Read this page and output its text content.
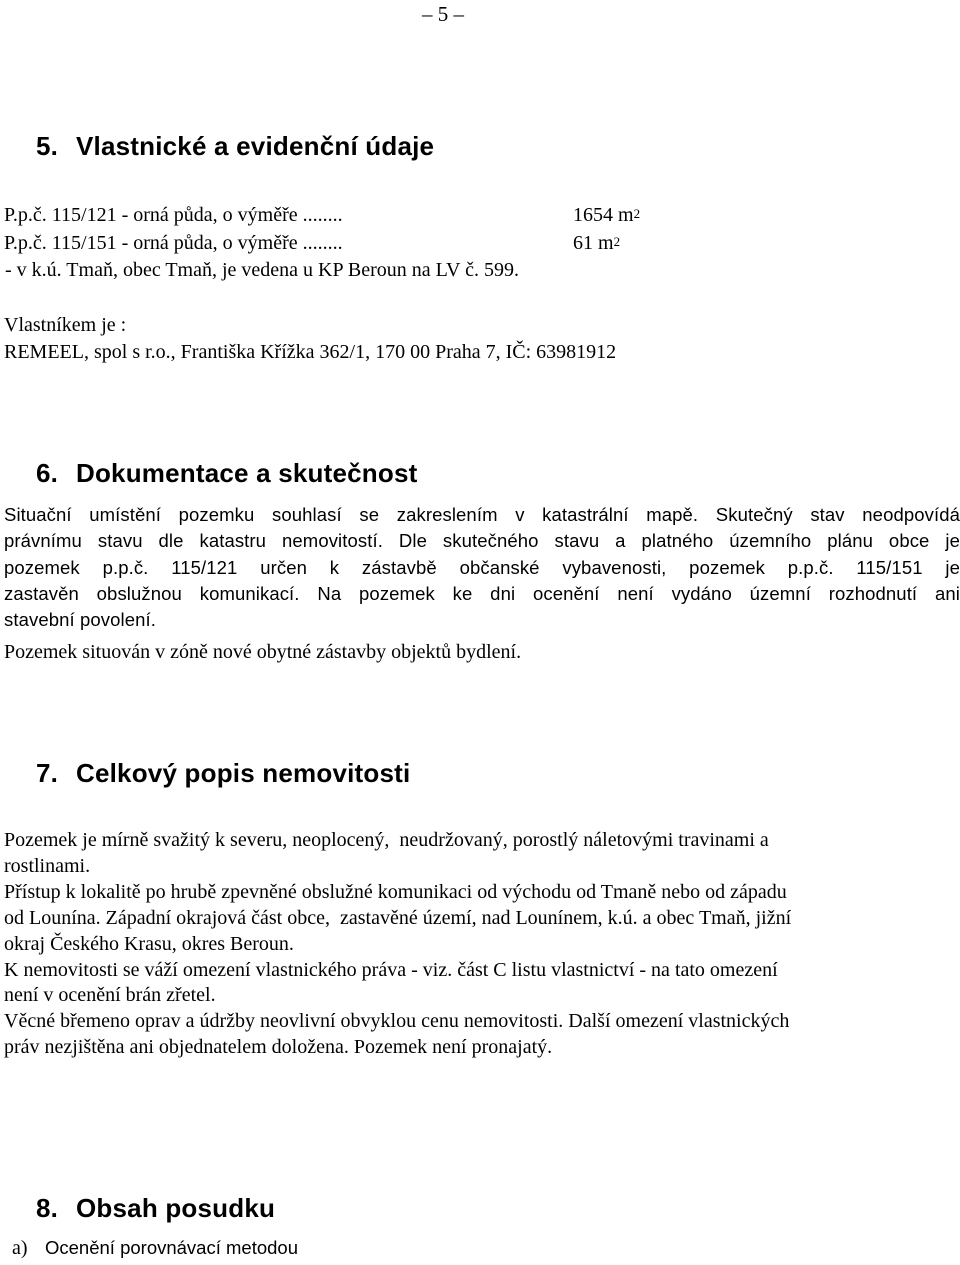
– 5 –
5. Vlastnické a evidenční údaje
P.p.č. 115/121 - orná půda, o výměře ........	1654 $m^2$
P.p.č. 115/151 - orná půda, o výměře ........	61 $m^2$
- v k.ú. Tmaň, obec Tmaň, je vedena u KP Beroun na LV č. 599.
Vlastníkem je :
REMEEL, spol s r.o., Františka Křížka 362/1, 170 00 Praha 7, IČ: 63981912
6. Dokumentace a skutečnost
Situační umístění pozemku souhlasí se zakreslením v katastrální mapě. Skutečný stav neodpovídá
právnímu stavu dle katastru nemovitostí. Dle skutečného stavu a platného územního plánu obce je
pozemek p.p.č. 115/121 určen k zástavbě občanské vybavenosti, pozemek p.p.č. 115/151 je
zastavěn obslužnou komunikací. Na pozemek ke dni ocenění není vydáno územní rozhodnutí ani
stavební povolení.
Pozemek situován v zóně nové obytné zástavby objektů bydlení.
7. Celkový popis nemovitosti
Pozemek je mírně svažitý k severu, neoplocený,  neudržovaný, porostlý náletovými travinami a
rostlinami.
Přístup k lokalitě po hrubě zpevněné obslužné komunikaci od východu od Tmaně nebo od západu
od Lounína. Západní okrajová část obce,  zastavěné území, nad Lounínem, k.ú. a obec Tmaň, jižní
okraj Českého Krasu, okres Beroun.
K nemovitosti se váží omezení vlastnického práva - viz. část C listu vlastnictví - na tato omezení
není v ocenění brán zřetel.
Věcné břemeno oprav a údržby neovlivní obvyklou cenu nemovitosti. Další omezení vlastnických
práv nezjištěna ani objednatelem doložena. Pozemek není pronajatý.
8. Obsah posudku
a) Ocenění porovnávací metodou
